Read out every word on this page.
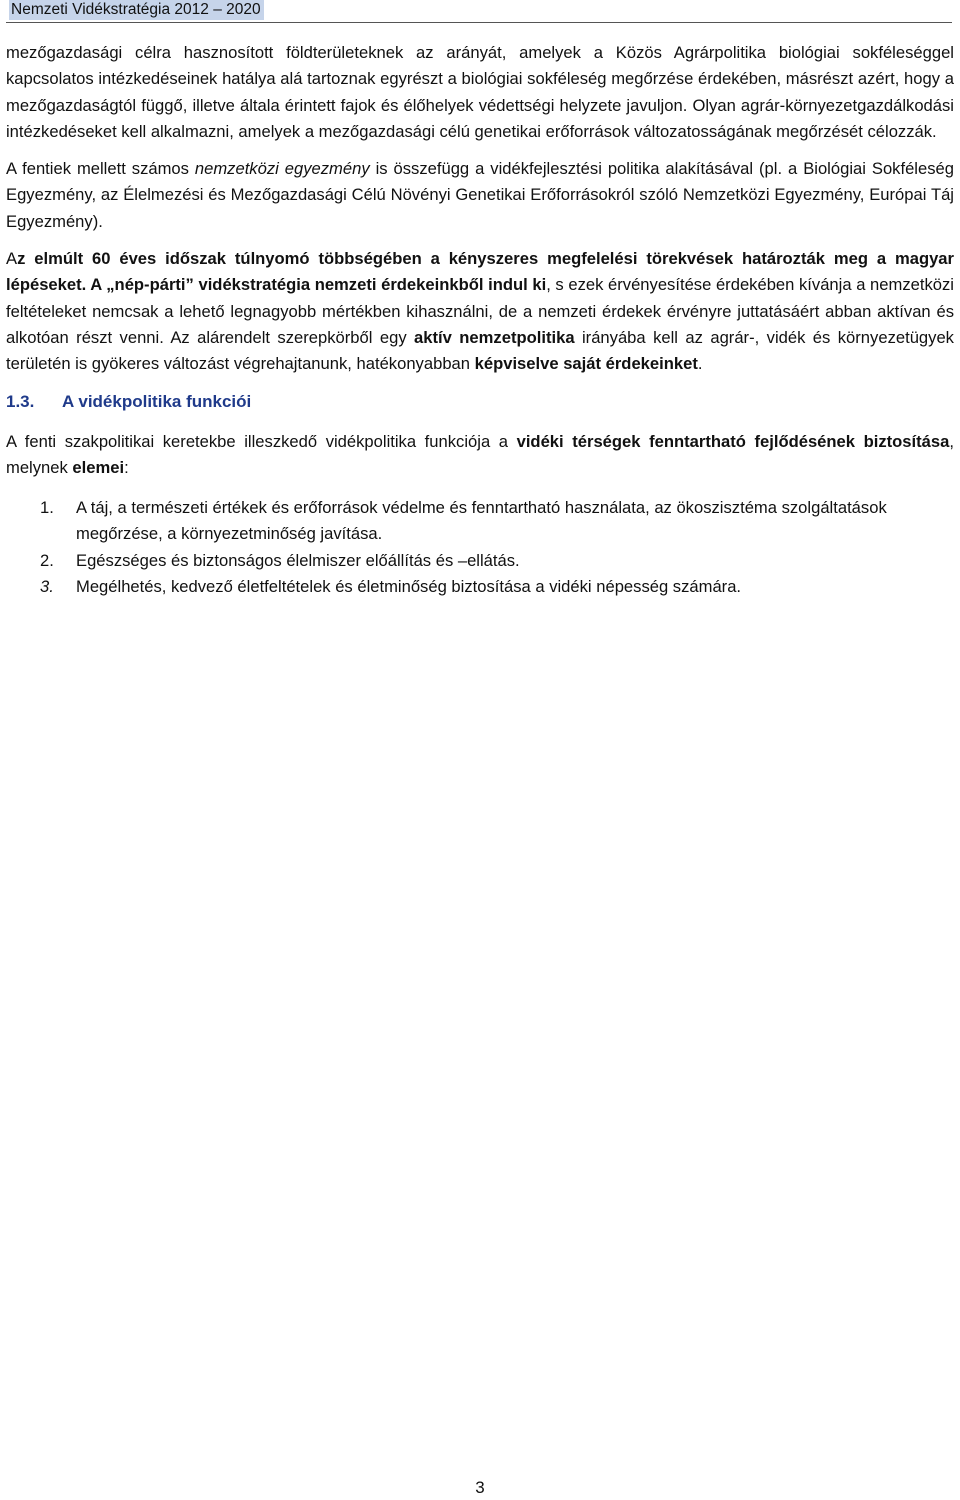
Nemzeti Vidékstratégia 2012 – 2020

mezőgazdasági célra hasznosított földterületeknek az arányát, amelyek a Közös Agrárpolitika biológiai sokféleséggel kapcsolatos intézkedéseinek hatálya alá tartoznak egyrészt a biológiai sokféleség megőrzése érdekében, másrészt azért, hogy a mezőgazdaságtól függő, illetve általa érintett fajok és élőhelyek védettségi helyzete javuljon. Olyan agrár-környezetgazdálkodási intézkedéseket kell alkalmazni, amelyek a mezőgazdasági célú genetikai erőforrások változatosságának megőrzését célozzák.

A fentiek mellett számos nemzetközi egyezmény is összefügg a vidékfejlesztési politika alakításával (pl. a Biológiai Sokféleség Egyezmény, az Élelmezési és Mezőgazdasági Célú Növényi Genetikai Erőforrásokról szóló Nemzetközi Egyezmény, Európai Táj Egyezmény).

Az elmúlt 60 éves időszak túlnyomó többségében a kényszeres megfelelési törekvések határozták meg a magyar lépéseket. A „nép-párti” vidékstratégia nemzeti érdekeinkből indul ki, s ezek érvényesítése érdekében kívánja a nemzetközi feltételeket nemcsak a lehető legnagyobb mértékben kihasználni, de a nemzeti érdekek érvényre juttatásáért abban aktívan és alkotóan részt venni. Az alárendelt szerepkörből egy aktív nemzetpolitika irányába kell az agrár-, vidék és környezetügyek területén is gyökeres változást végrehajtanunk, hatékonyabban képviselve saját érdekeinket.

1.3.	A vidékpolitika funkciói

A fenti szakpolitikai keretekbe illeszkedő vidékpolitika funkciója a vidéki térségek fenntartható fejlődésének biztosítása, melynek elemei:

1.	A táj, a természeti értékek és erőforrások védelme és fenntartható használata, az ökoszisztéma szolgáltatások megőrzése, a környezetminőség javítása.
2.	Egészséges és biztonságos élelmiszer előállítás és –ellátás.
3.	Megélhetés, kedvező életfeltételek és életminőség biztosítása a vidéki népesség számára.
3
